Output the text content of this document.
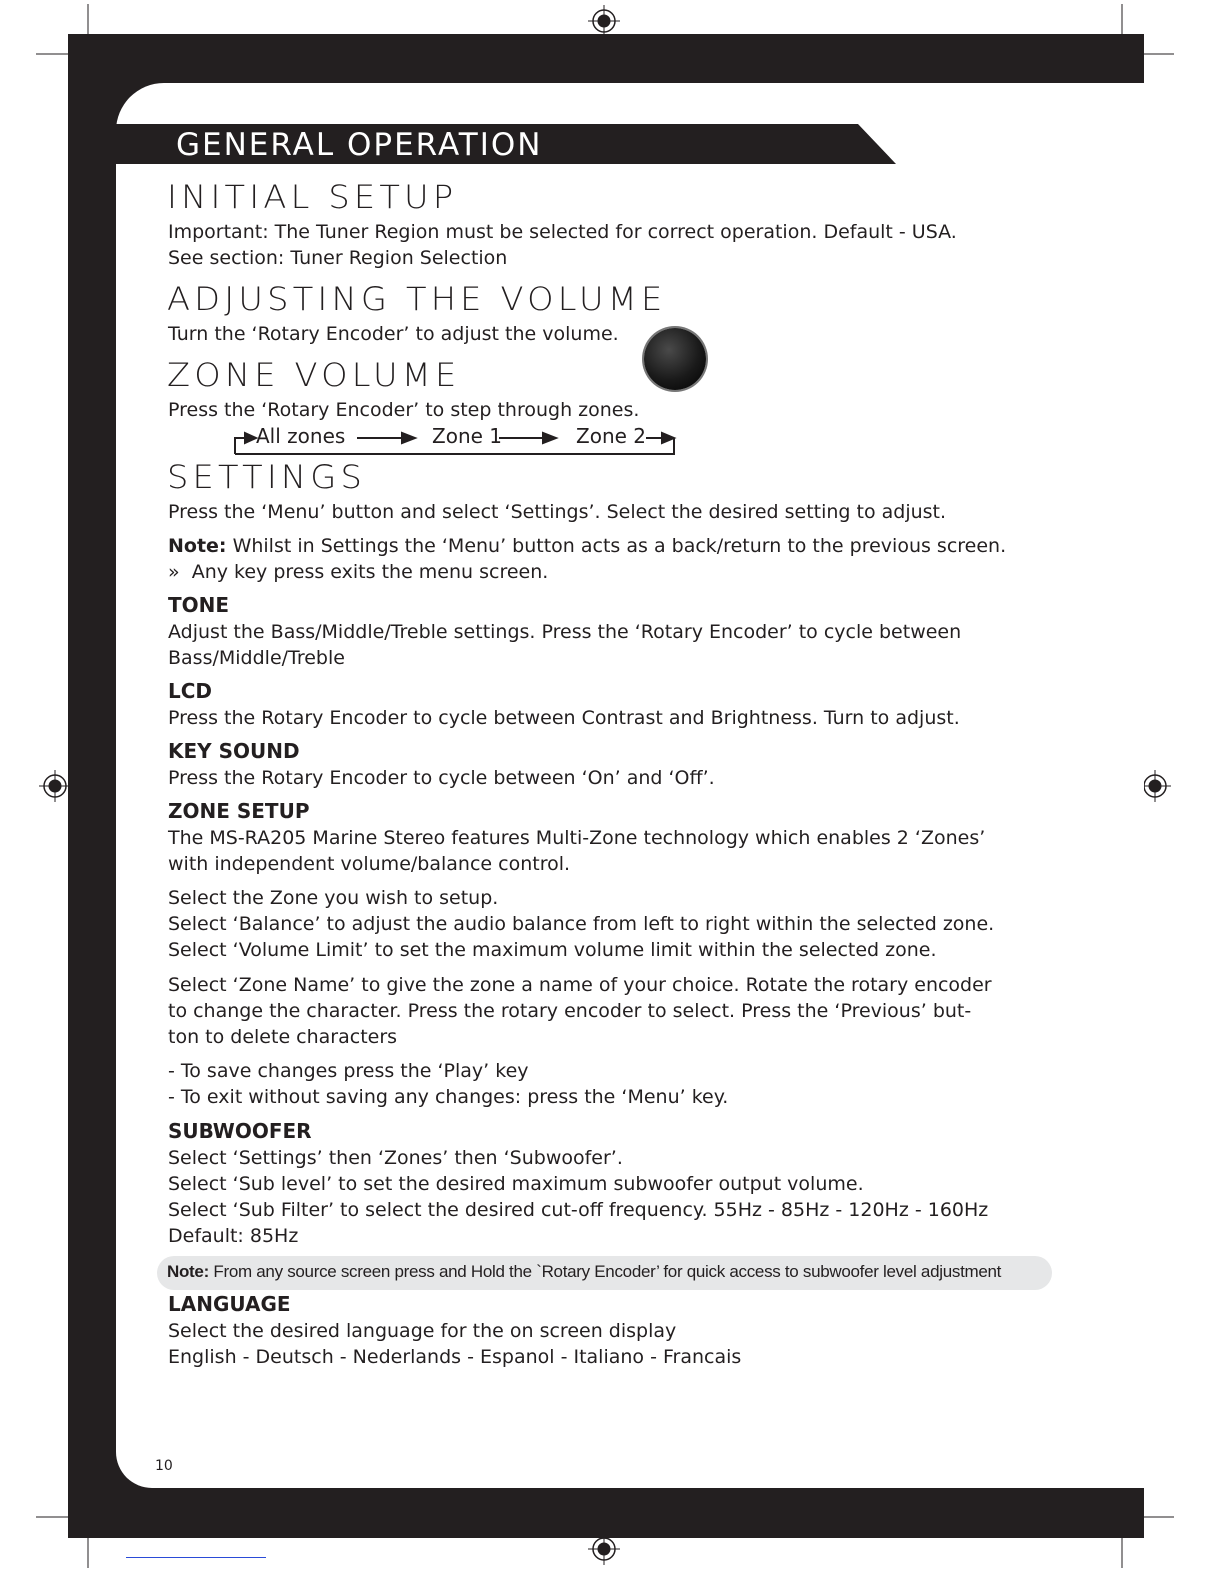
GENERAL OPERATION
INITIAL SETUP
Important: The Tuner Region must be selected for correct operation. Default - USA.
See section: Tuner Region Selection
ADJUSTING THE VOLUME
Turn the ‘Rotary Encoder’ to adjust the volume.
ZONE VOLUME
Press the ‘Rotary Encoder’ to step through zones.
All zones	Zone 1	Zone 2
SETTINGS
Press the ‘Menu’ button and select ‘Settings’. Select the desired setting to adjust.
Note: Whilst in Settings the ‘Menu’ button acts as a back/return to the previous screen.
»  Any key press exits the menu screen.
TONE
Adjust the Bass/Middle/Treble settings. Press the ‘Rotary Encoder’ to cycle between
Bass/Middle/Treble
LCD
Press the Rotary Encoder to cycle between Contrast and Brightness. Turn to adjust.
KEY SOUND
Press the Rotary Encoder to cycle between ‘On’ and ‘Off’.
ZONE SETUP
The MS-RA205 Marine Stereo features Multi-Zone technology which enables 2 ‘Zones’
with independent volume/balance control.
Select the Zone you wish to setup.
Select ‘Balance’ to adjust the audio balance from left to right within the selected zone.
Select ‘Volume Limit’ to set the maximum volume limit within the selected zone.
Select ‘Zone Name’ to give the zone a name of your choice. Rotate the rotary encoder
to change the character. Press the rotary encoder to select. Press the ‘Previous’ but-
ton to delete characters
- To save changes press the ‘Play’ key
- To exit without saving any changes: press the ‘Menu’ key.
SUBWOOFER
Select ‘Settings’ then ‘Zones’ then ‘Subwoofer’.
Select ‘Sub level’ to set the desired maximum subwoofer output volume.
Select ‘Sub Filter’ to select the desired cut-off frequency. 55Hz - 85Hz - 120Hz - 160Hz
Default: 85Hz
Note: From any source screen press and Hold the `Rotary Encoder’ for quick access to subwoofer level adjustment
LANGUAGE
Select the desired language for the on screen display
English - Deutsch - Nederlands - Espanol - Italiano - Francais
10
